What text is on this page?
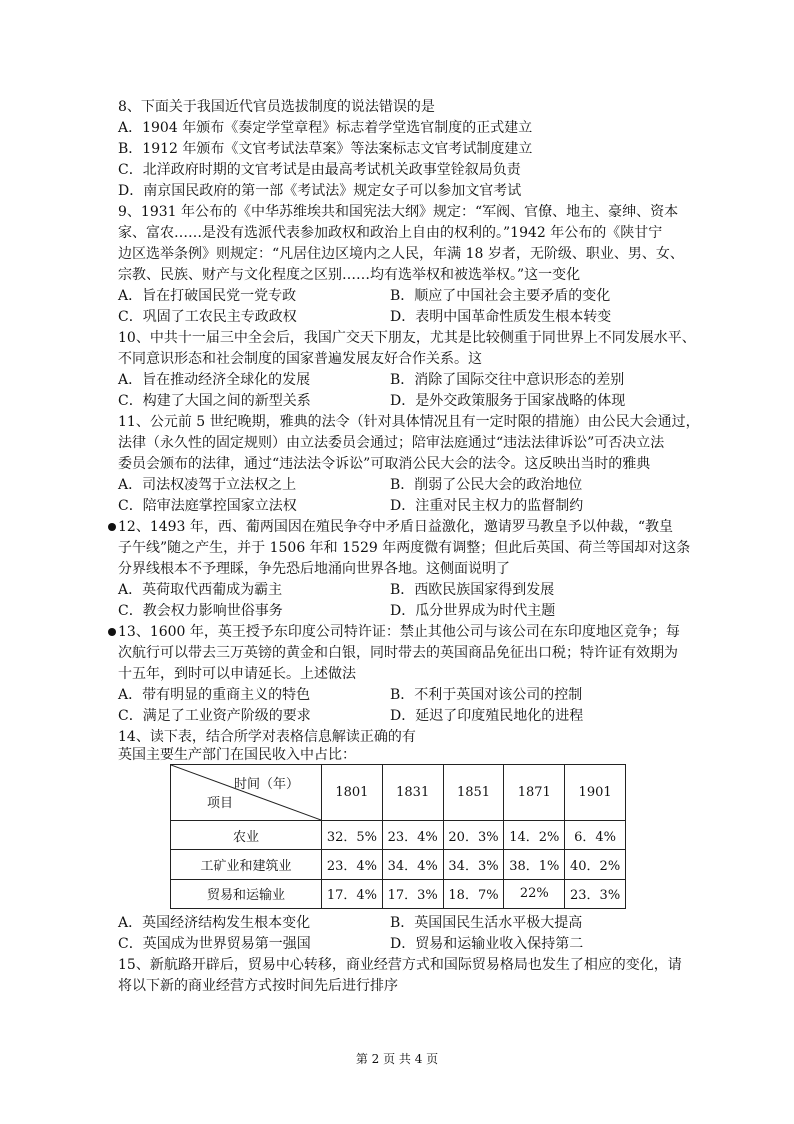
8、下面关于我国近代官员选拔制度的说法错误的是
A．1904 年颁布《奏定学堂章程》标志着学堂选官制度的正式建立
B．1912 年颁布《文官考试法草案》等法案标志文官考试制度建立
C．北洋政府时期的文官考试是由最高考试机关政事堂铨叙局负责
D．南京国民政府的第一部《考试法》规定女子可以参加文官考试
9、1931 年公布的《中华苏维埃共和国宪法大纲》规定：“军阀、官僚、地主、豪绅、资本
家、富农……是没有选派代表参加政权和政治上自由的权利的。”1942 年公布的《陕甘宁
边区选举条例》则规定：“凡居住边区境内之人民，年满 18 岁者，无阶级、职业、男、女、
宗教、民族、财产与文化程度之区别……均有选举权和被选举权。”这一变化
A．旨在打破国民党一党专政	B．顺应了中国社会主要矛盾的变化
C．巩固了工农民主专政政权	D．表明中国革命性质发生根本转变
10、中共十一届三中全会后，我国广交天下朋友，尤其是比较侧重于同世界上不同发展水平、
不同意识形态和社会制度的国家普遍发展友好合作关系。这
A．旨在推动经济全球化的发展	B．消除了国际交往中意识形态的差别
C．构建了大国之间的新型关系	D．是外交政策服务于国家战略的体现
11、公元前 5 世纪晚期，雅典的法令（针对具体情况且有一定时限的措施）由公民大会通过，
法律（永久性的固定规则）由立法委员会通过；陪审法庭通过“违法法律诉讼”可否决立法
委员会颁布的法律，通过“违法法令诉讼”可取消公民大会的法令。这反映出当时的雅典
A．司法权凌驾于立法权之上	B．削弱了公民大会的政治地位
C．陪审法庭掌控国家立法权	D．注重对民主权力的监督制约
12、1493 年，西、葡两国因在殖民争夺中矛盾日益激化，邀请罗马教皇予以仲裁，“教皇
子午线”随之产生，并于 1506 年和 1529 年两度微有调整；但此后英国、荷兰等国却对这条
分界线根本不予理睬，争先恐后地涌向世界各地。这侧面说明了
A．英荷取代西葡成为霸主	B．西欧民族国家得到发展
C．教会权力影响世俗事务	D．瓜分世界成为时代主题
13、1600 年，英王授予东印度公司特许证：禁止其他公司与该公司在东印度地区竞争；每
次航行可以带去三万英镑的黄金和白银，同时带去的英国商品免征出口税；特许证有效期为
十五年，到时可以申请延长。上述做法
A．带有明显的重商主义的特色	B．不利于英国对该公司的控制
C．满足了工业资产阶级的要求	D．延迟了印度殖民地化的进程
14、读下表，结合所学对表格信息解读正确的有
英国主要生产部门在国民收入中占比：
时间（年）
项目	1801	1831	1851	1871	1901
农业	32．5%	23．4%	20．3%	14．2%	6．4%
工矿业和建筑业	23．4%	34．4%	34．3%	38．1%	40．2%
贸易和运输业	17．4%	17．3%	18．7%	22%	23．3%
A．英国经济结构发生根本变化	B．英国国民生活水平极大提高
C．英国成为世界贸易第一强国	D．贸易和运输业收入保持第二
15、新航路开辟后，贸易中心转移，商业经营方式和国际贸易格局也发生了相应的变化，请
将以下新的商业经营方式按时间先后进行排序
第 2 页 共 4 页
